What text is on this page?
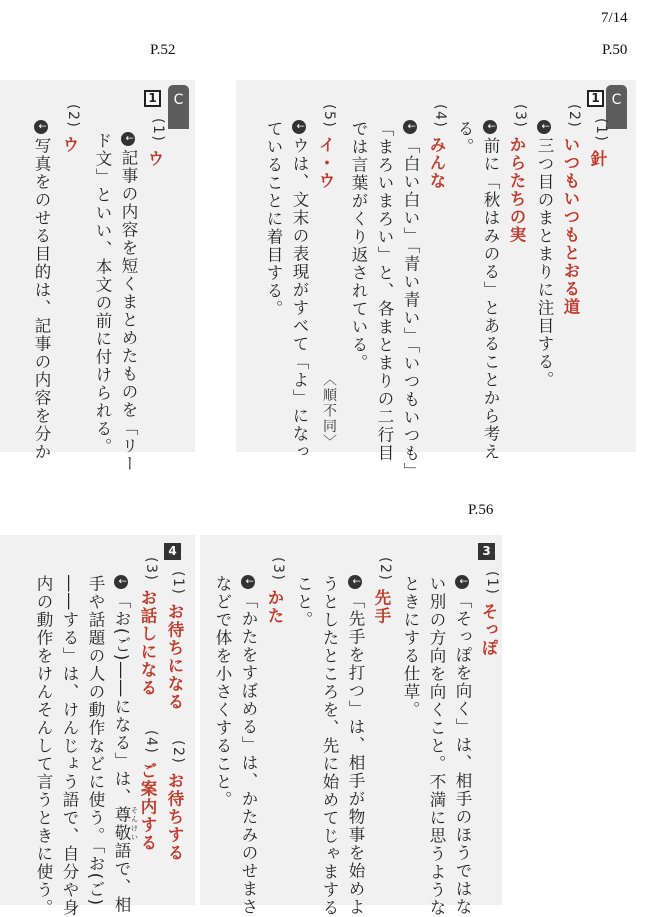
7/14
P.52	P.50
P.56
C
1
(1)
針
(2)
いつもいつもとおる道
↓三つ目のまとまりに注目する。
(3)
からたちの実
↓前に「秋はみのる」とあることから考え
る。
(4)
みんな
↓「白い白い」「青い青い」「いつもいつも」
「まろいまろい」と、各まとまりの二行目
では言葉がくり返されている。
(5)
イ・ウ
〈順不同〉
↓ウは、文末の表現がすべて「よ」になっ
ていることに着目する。
C
1
(1)
ウ
↓記事の内容を短くまとめたものを「リー
ド文」といい、本文の前に付けられる。
(2)
ウ
↓写真をのせる目的は、記事の内容を分か
3
(1)
そっぽ
↓「そっぽを向く」は、相手のほうではな
い別の方向を向くこと。不満に思うような
ときにする仕草。
(2)
先手
↓「先手を打つ」は、相手が物事を始めよ
うとしたところを、先に始めてじゃまする
こと。
(3)
かた
↓「かたをすぼめる」は、かたみのせまさ
などで体を小さくすること。
4
(1)
お待ちになる
(2)
お待ちする
(3)
お話しになる
(4)
ご案内する
↓「お(ご)――になる」は、尊敬 そんけい語で、相
手や話題の人の動作などに使う。「お(ご)
――する」は、けんじょう語で、自分や身
内の動作をけんそんして言うときに使う。
